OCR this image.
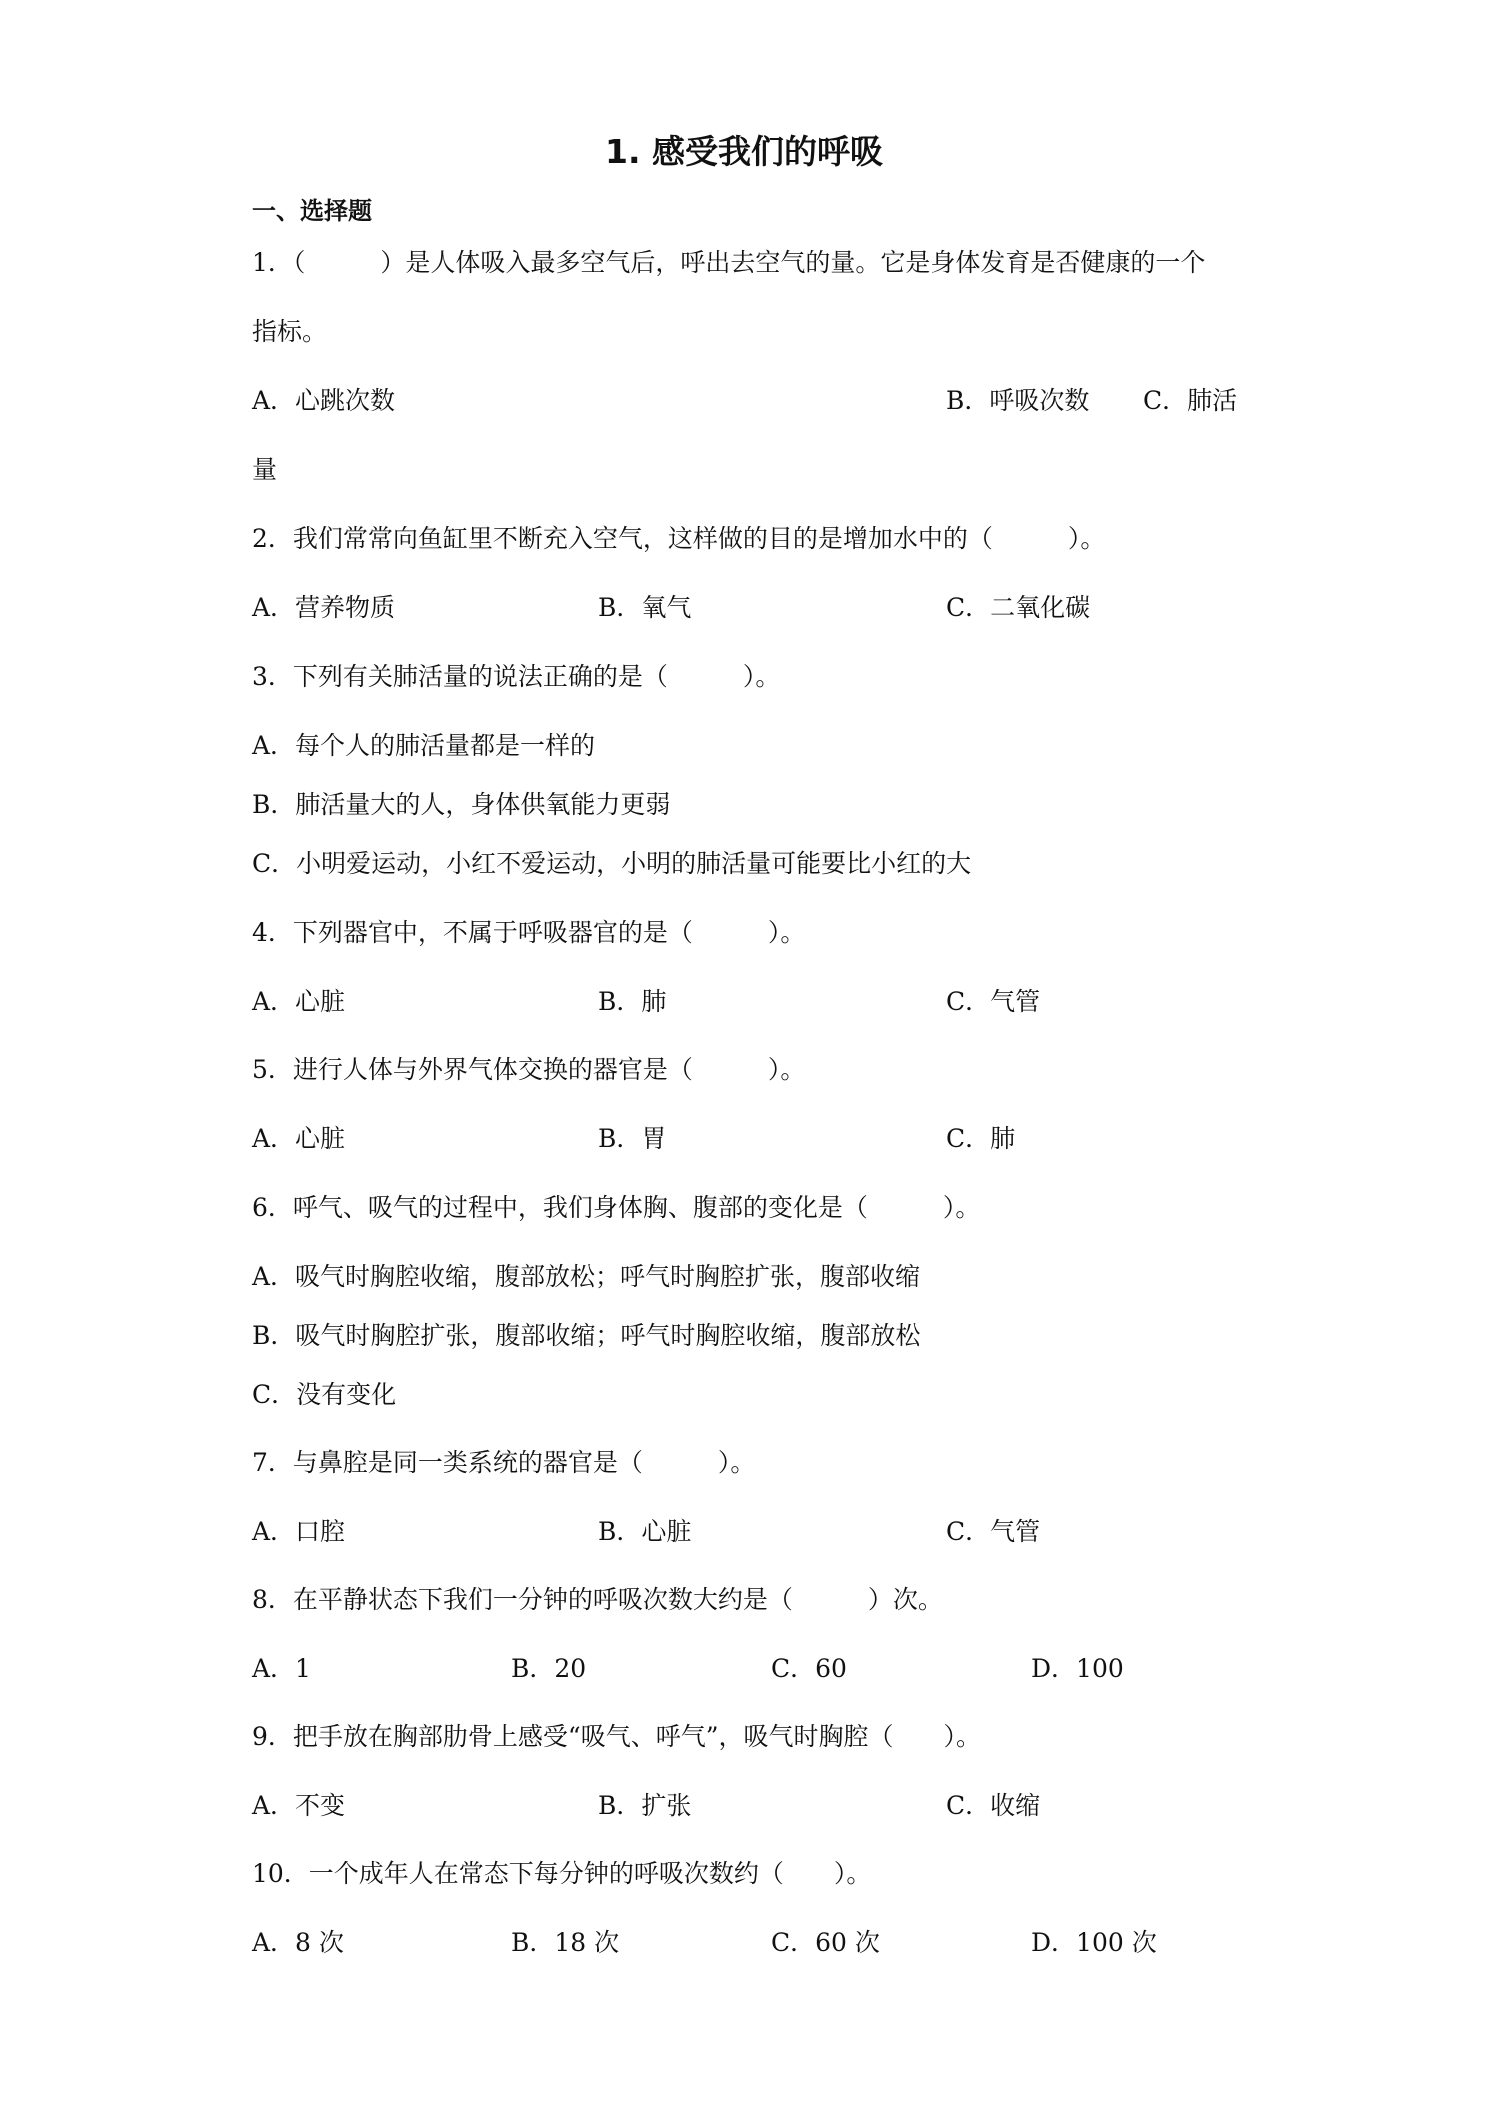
1. 感受我们的呼吸
一、选择题

1．（　　　）是人体吸入最多空气后，呼出去空气的量。它是身体发育是否健康的一个

指标。

A．心跳次数	B．呼吸次数 C．肺活

量

2．我们常常向鱼缸里不断充入空气，这样做的目的是增加水中的（　　　）。

A．营养物质	B．氧气	C．二氧化碳

3．下列有关肺活量的说法正确的是（　　　）。

A．每个人的肺活量都是一样的

B．肺活量大的人，身体供氧能力更弱

C．小明爱运动，小红不爱运动，小明的肺活量可能要比小红的大

4．下列器官中，不属于呼吸器官的是（　　　）。

A．心脏	B．肺	C．气管

5．进行人体与外界气体交换的器官是（　　　）。

A．心脏	B．胃	C．肺

6．呼气、吸气的过程中，我们身体胸、腹部的变化是（　　　）。

A．吸气时胸腔收缩，腹部放松；呼气时胸腔扩张，腹部收缩

B．吸气时胸腔扩张，腹部收缩；呼气时胸腔收缩，腹部放松

C．没有变化

7．与鼻腔是同一类系统的器官是（　　　）。

A．口腔	B．心脏	C．气管

8．在平静状态下我们一分钟的呼吸次数大约是（　　　）次。

A．1	B．20	C．60	D．100

9．把手放在胸部肋骨上感受“吸气、呼气”，吸气时胸腔（　　）。

A．不变	B．扩张	C．收缩

10．一个成年人在常态下每分钟的呼吸次数约（　　）。

A．8 次	B．18 次	C．60 次	D．100 次
